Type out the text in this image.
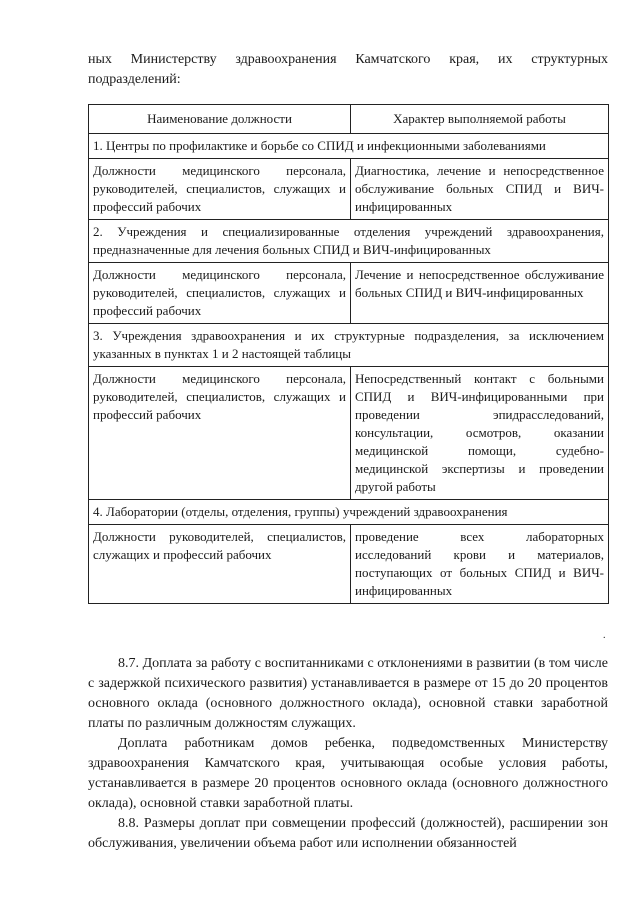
ных Министерству здравоохранения Камчатского края, их структурных подразделений:
Наименование должности	Характер выполняемой работы
1. Центры по профилактике и борьбе со СПИД и инфекционными заболеваниями	
Должности медицинского персонала, руководителей, специалистов, служащих и профессий рабочих	Диагностика, лечение и непосредственное обслуживание больных СПИД и ВИЧ-инфицированных
2. Учреждения и специализированные отделения учреждений здравоохранения, предназначенные для лечения больных СПИД и ВИЧ-инфицированных	
Должности медицинского персонала, руководителей, специалистов, служащих и профессий рабочих	Лечение и непосредственное обслуживание больных СПИД и ВИЧ-инфицированных
3. Учреждения здравоохранения и их структурные подразделения, за исключением указанных в пунктах 1 и 2 настоящей таблицы	
Должности медицинского персонала, руководителей, специалистов, служащих и профессий рабочих	Непосредственный контакт с больными СПИД и ВИЧ-инфицированными при проведении эпидрасследований, консультации, осмотров, оказании медицинской помощи, судебно- медицинской экспертизы и проведении другой работы
4. Лаборатории (отделы, отделения, группы) учреждений здравоохранения	
Должности руководителей, специалистов, служащих и профессий рабочих	проведение всех лабораторных исследований крови и материалов, поступающих от больных СПИД и ВИЧ-инфицированных
.

8.7. Доплата за работу с воспитанниками с отклонениями в развитии (в том числе с задержкой психического развития) устанавливается в размере от 15 до 20 процентов основного оклада (основного должностного оклада), основной ставки заработной платы по различным должностям служащих.

Доплата работникам домов ребенка, подведомственных Министерству здравоохранения Камчатского края, учитывающая особые условия работы, устанавливается в размере 20 процентов основного оклада (основного должностного оклада), основной ставки заработной платы.

8.8. Размеры доплат при совмещении профессий (должностей), расширении зон обслуживания, увеличении объема работ или исполнении обязанностей
